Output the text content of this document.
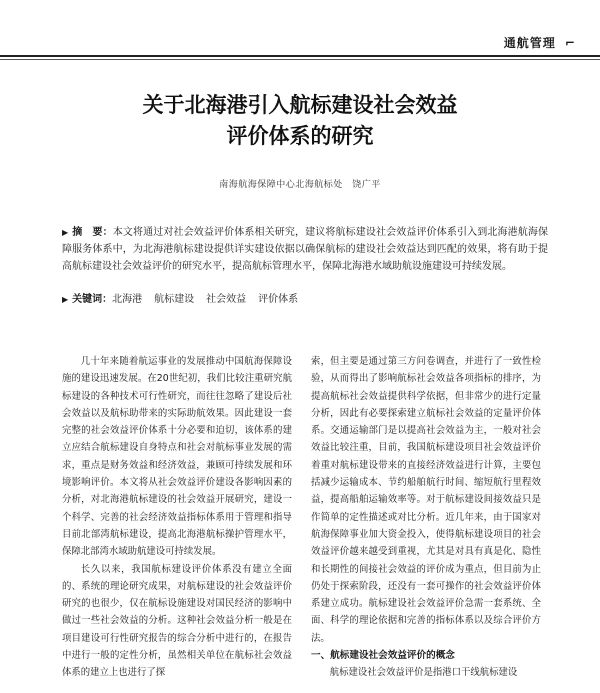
通航管理 ⌐
关于北海港引入航标建设社会效益
评价体系的研究
南海航海保障中心北海航标处　饶广平

▶ 摘　要：本文将通过对社会效益评价体系相关研究，建议将航标建设社会效益评价体系引入到北海港航海保障服务体系中，为北海港航标建设提供详实建设依据以确保航标的建设社会效益达到匹配的效果，将有助于提高航标建设社会效益评价的研究水平，提高航标管理水平，保障北海港水域助航设施建设可持续发展。

▶ 关键词：北海港 航标建设 社会效益 评价体系

几十年来随着航运事业的发展推动中国航海保障设施的建设迅速发展。在20世纪初，我们比较注重研究航标建设的各种技术可行性研究，而往往忽略了建设后社会效益以及航标助带来的实际助航效果。因此建设一套完整的社会效益评价体系十分必要和迫切，该体系的建立应结合航标建设自身特点和社会对航标事业发展的需求，重点是财务效益和经济效益，兼顾可持续发展和环境影响评价。本文将从社会效益评价建设各影响因素的分析，对北海港航标建设的社会效益开展研究，建设一个科学、完善的社会经济效益指标体系用于管理和指导目前北部湾航标建设，提高北海港航标操护管理水平，保障北部湾水域助航建设可持续发展。

长久以来，我国航标建设评价体系没有建立全面的、系统的理论研究成果，对航标建设的社会效益评价研究的也很少，仅在航标设施建设对国民经济的影响中做过一些社会效益的分析。这种社会效益分析一般是在项目建设可行性研究报告的综合分析中进行的，在报告中进行一般的定性分析，虽然相关单位在航标社会效益体系的建立上也进行了探

索，但主要是通过第三方问卷调查，并进行了一致性检验，从而得出了影响航标社会效益各项指标的排序，为提高航标社会效益提供科学依据，但非常少的进行定量分析，因此有必要探索建立航标社会效益的定量评价体系。交通运输部门是以提高社会效益为主，一般对社会效益比较注重，目前，我国航标建设项目社会效益评价着重对航标建设带来的直接经济效益进行计算，主要包括减少运输成本、节约船舶航行时间、缩短航行里程效益，提高船舶运输效率等。对于航标建设间接效益只是作简单的定性描述或对比分析。近几年来，由于国家对航海保障事业加大资金投入，使得航标建设项目的社会效益评价越来越受到重视，尤其是对具有真是化、隐性和长期性的间接社会效益的评价成为重点，但目前为止仍处于探索阶段，还没有一套可操作的社会效益评价体系建立成功。航标建设社会效益评价急需一套系统、全面、科学的理论依据和完善的指标体系以及综合评价方法。

一、航标建设社会效益评价的概念

航标建设社会效益评价是指港口干线航标建设
